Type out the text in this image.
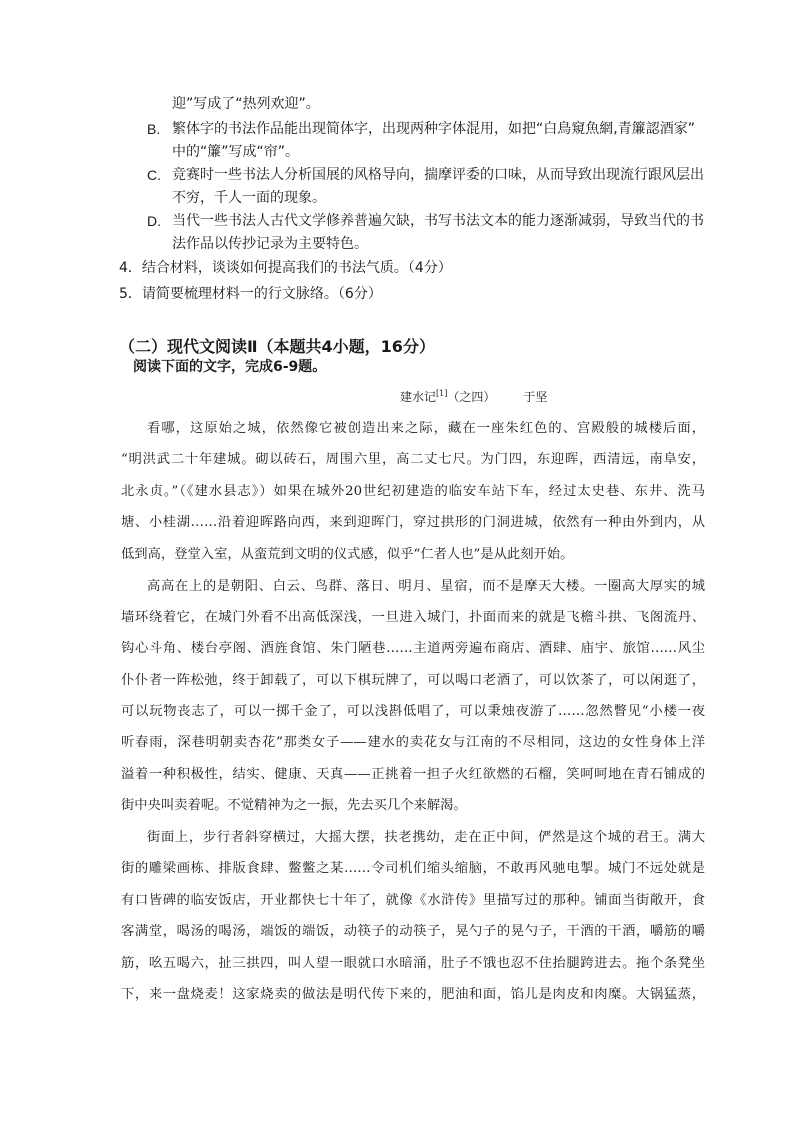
迎”写成了“热列欢迎”。
B. 繁体字的书法作品能出现简体字，出现两种字体混用，如把“白鳥窺魚網,青簾認酒家”
中的“簾”写成“帘”。
C. 竞赛时一些书法人分析国展的风格导向，揣摩评委的口味，从而导致出现流行跟风层出
不穷，千人一面的现象。
D. 当代一些书法人古代文学修养普遍欠缺，书写书法文本的能力逐渐减弱，导致当代的书
法作品以传抄记录为主要特色。
4．结合材料，谈谈如何提高我们的书法气质。（4分）
5．请简要梳理材料一的行文脉络。（6分）
（二）现代文阅读Ⅱ（本题共4小题，16分）
阅读下面的文字，完成6-9题。
建水记[1]（之四） 于坚
看哪，这原始之城，依然像它被创造出来之际，藏在一座朱红色的、宫殿般的城楼后面，
“明洪武二十年建城。砌以砖石，周围六里，高二丈七尺。为门四，东迎晖，西清远，南阜安，
北永贞。”（《建水县志》）如果在城外20世纪初建造的临安车站下车，经过太史巷、东井、洗马
塘、小桂湖……沿着迎晖路向西，来到迎晖门，穿过拱形的门洞进城，依然有一种由外到内，从
低到高，登堂入室，从蛮荒到文明的仪式感，似乎“仁者人也”是从此刻开始。
高高在上的是朝阳、白云、鸟群、落日、明月、星宿，而不是摩天大楼。一圈高大厚实的城
墙环绕着它，在城门外看不出高低深浅，一旦进入城门，扑面而来的就是飞檐斗拱、飞阁流丹、
钩心斗角、楼台亭阁、酒旌食馆、朱门陋巷……主道两旁遍布商店、酒肆、庙宇、旅馆……风尘
仆仆者一阵松弛，终于卸载了，可以下棋玩牌了，可以喝口老酒了，可以饮茶了，可以闲逛了，
可以玩物丧志了，可以一掷千金了，可以浅斟低唱了，可以秉烛夜游了……忽然瞥见“小楼一夜
听春雨，深巷明朝卖杏花”那类女子——建水的卖花女与江南的不尽相同，这边的女性身体上洋
溢着一种积极性，结实、健康、天真——正挑着一担子火红欲燃的石榴，笑呵呵地在青石铺成的
街中央叫卖着呢。不觉精神为之一振，先去买几个来解渴。
街面上，步行者斜穿横过，大摇大摆，扶老携幼，走在正中间，俨然是这个城的君王。满大
街的雕梁画栋、排版食肆、鳖鳖之某……令司机们缩头缩脑，不敢再风驰电掣。城门不远处就是
有口皆碑的临安饭店，开业都快七十年了，就像《水浒传》里描写过的那种。铺面当街敞开，食
客满堂，喝汤的喝汤，端饭的端饭，动筷子的动筷子，晃勺子的晃勺子，干酒的干酒，嚼筋的嚼
筋，吆五喝六，扯三拱四，叫人望一眼就口水暗涌，肚子不饿也忍不住抬腿跨进去。拖个条凳坐
下，来一盘烧麦！这家烧卖的做法是明代传下来的，肥油和面，馅儿是肉皮和肉糜。大锅猛蒸，
